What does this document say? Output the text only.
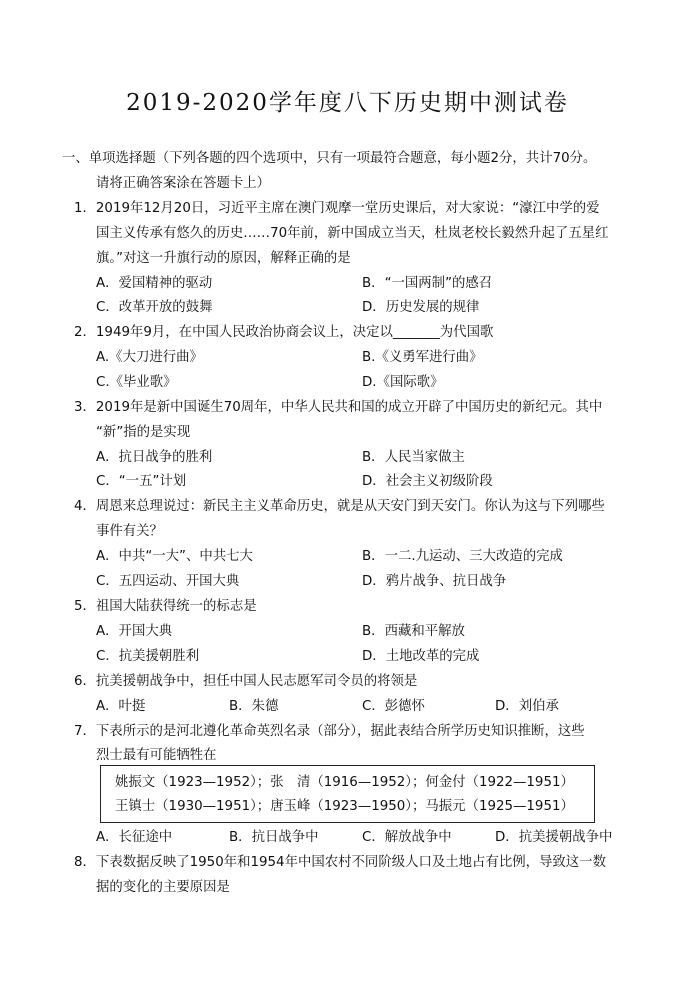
2019-2020学年度八下历史期中测试卷
一、单项选择题（下列各题的四个选项中，只有一项最符合题意，每小题2分，共计70分。
请将正确答案涂在答题卡上）
1．2019年12月20日，习近平主席在澳门观摩一堂历史课后，对大家说：“濠江中学的爱
国主义传承有悠久的历史……70年前，新中国成立当天，杜岚老校长毅然升起了五星红
旗。”对这一升旗行动的原因，解释正确的是
A．爱国精神的驱动	B．“一国两制”的感召
C．改革开放的鼓舞	D．历史发展的规律
2．1949年9月，在中国人民政治协商会议上，决定以_______为代国歌
A.《大刀进行曲》	B.《义勇军进行曲》
C.《毕业歌》	D.《国际歌》
3．2019年是新中国诞生70周年，中华人民共和国的成立开辟了中国历史的新纪元。其中
“新”指的是实现
A．抗日战争的胜利	B．人民当家做主
C．“一五”计划	D．社会主义初级阶段
4．周恩来总理说过：新民主主义革命历史，就是从天安门到天安门。你认为这与下列哪些
事件有关？
A．中共“一大”、中共七大	B．一二.九运动、三大改造的完成
C．五四运动、开国大典	D．鸦片战争、抗日战争
5．祖国大陆获得统一的标志是
A．开国大典	B．西藏和平解放
C．抗美援朝胜利	D．土地改革的完成
6．抗美援朝战争中，担任中国人民志愿军司令员的将领是
A．叶挺	B．朱德	C．彭德怀	D．刘伯承
7．下表所示的是河北遵化革命英烈名录（部分），据此表结合所学历史知识推断，这些
烈士最有可能牺牲在
姚振文（1923—1952）；张　清（1916—1952）；何金付（1922—1951）
王镇士（1930—1951）；唐玉峰（1923—1950）；马振元（1925—1951）
A．长征途中	B．抗日战争中	C．解放战争中	D．抗美援朝战争中
8．下表数据反映了1950年和1954年中国农村不同阶级人口及土地占有比例，导致这一数
据的变化的主要原因是
